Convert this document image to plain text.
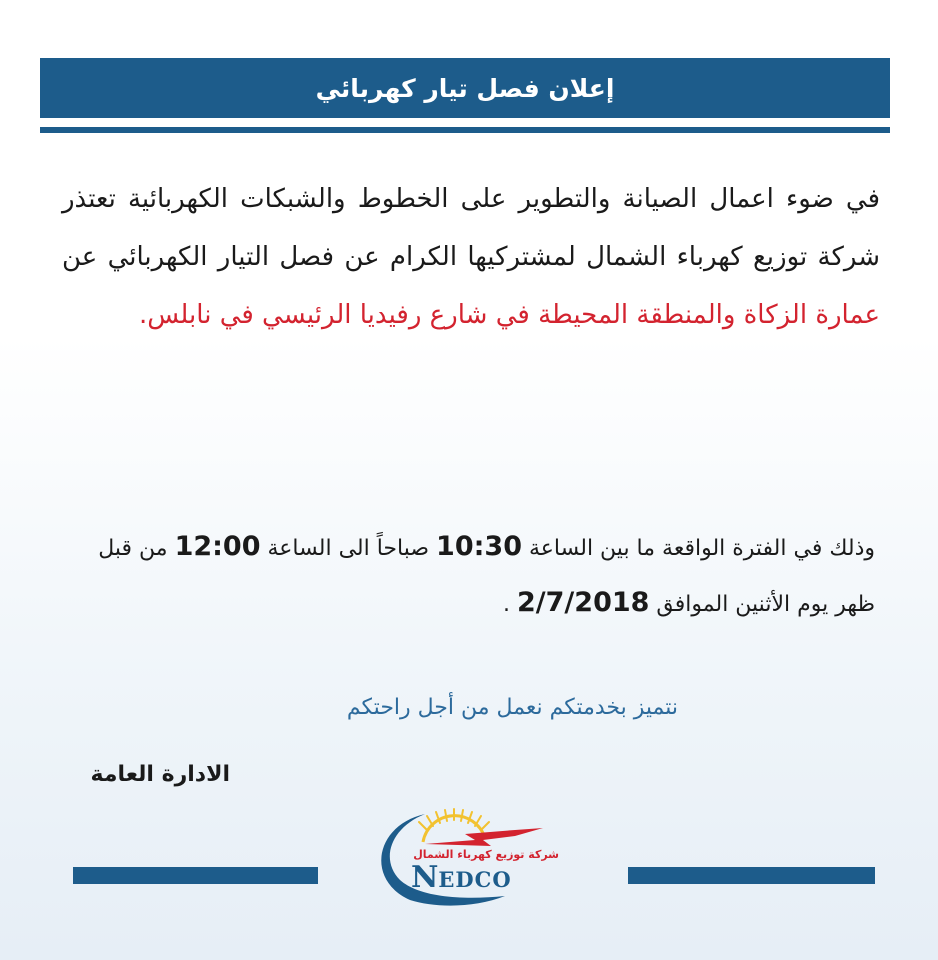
إعلان فصل تيار كهربائي
في ضوء اعمال الصيانة والتطوير على الخطوط والشبكات الكهربائية تعتذر شركة توزيع كهرباء الشمال لمشتركيها الكرام عن فصل التيار الكهربائي عن عمارة الزكاة والمنطقة المحيطة في شارع رفيديا الرئيسي في نابلس.
وذلك في الفترة الواقعة ما بين الساعة 10:30 صباحاً الى الساعة 12:00 من قبل
ظهر يوم الأثنين الموافق 2/7/2018 .
نتميز بخدمتكم نعمل من أجل راحتكم
الادارة العامة
شركة توزيع كهرباء الشمال
NEDCO
